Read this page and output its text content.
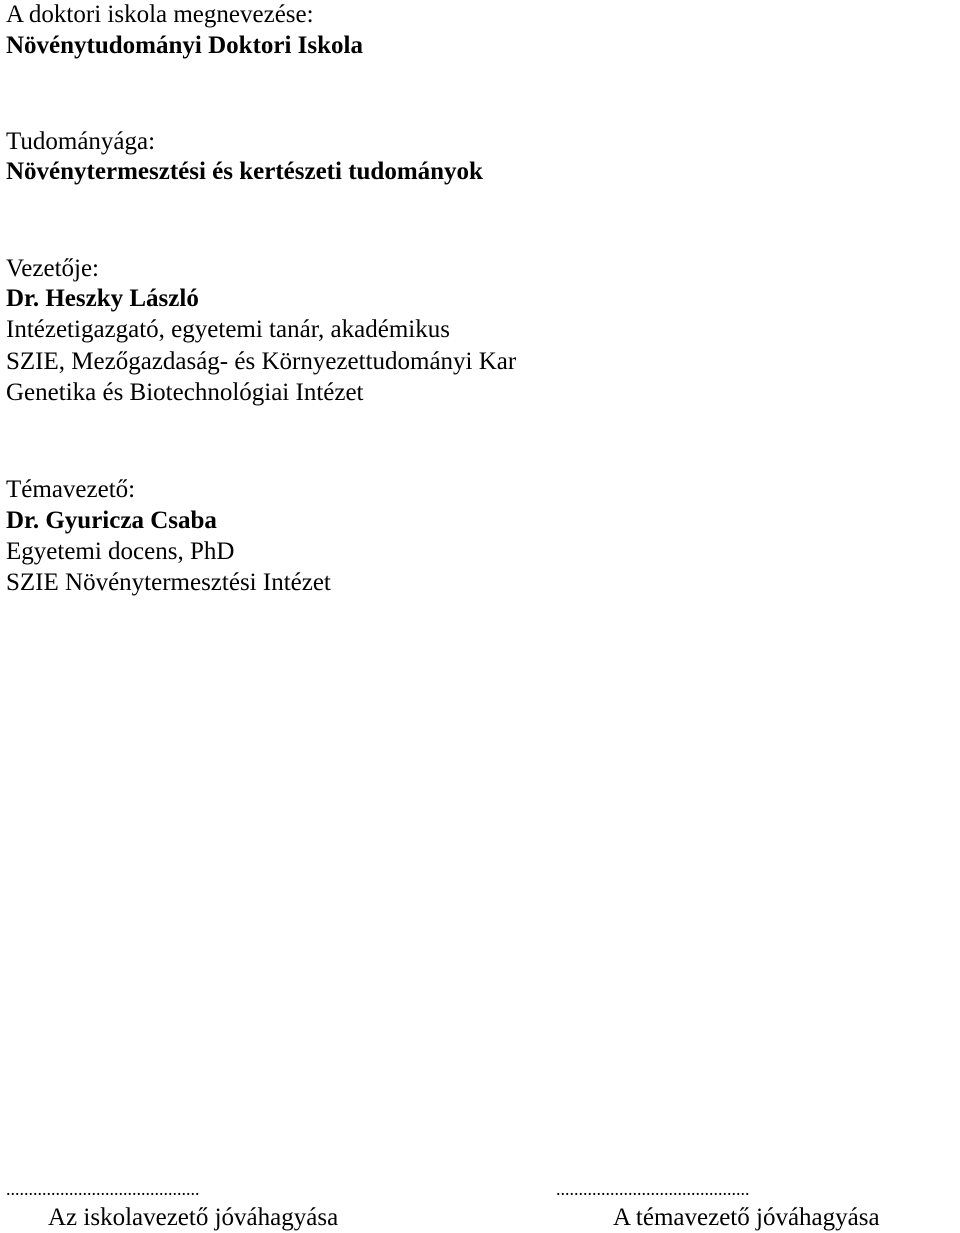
A doktori iskola megnevezése:
Növénytudományi Doktori Iskola
Tudományága:
Növénytermesztési és kertészeti tudományok
Vezetője:
Dr. Heszky László
Intézetigazgató, egyetemi tanár, akadémikus
SZIE, Mezőgazdaság- és Környezettudományi Kar
Genetika és Biotechnológiai Intézet
Témavezető:
Dr. Gyuricza Csaba
Egyetemi docens, PhD
SZIE Növénytermesztési Intézet
...........................................
Az iskolavezető jóváhagyása
...........................................
A témavezető jóváhagyása
